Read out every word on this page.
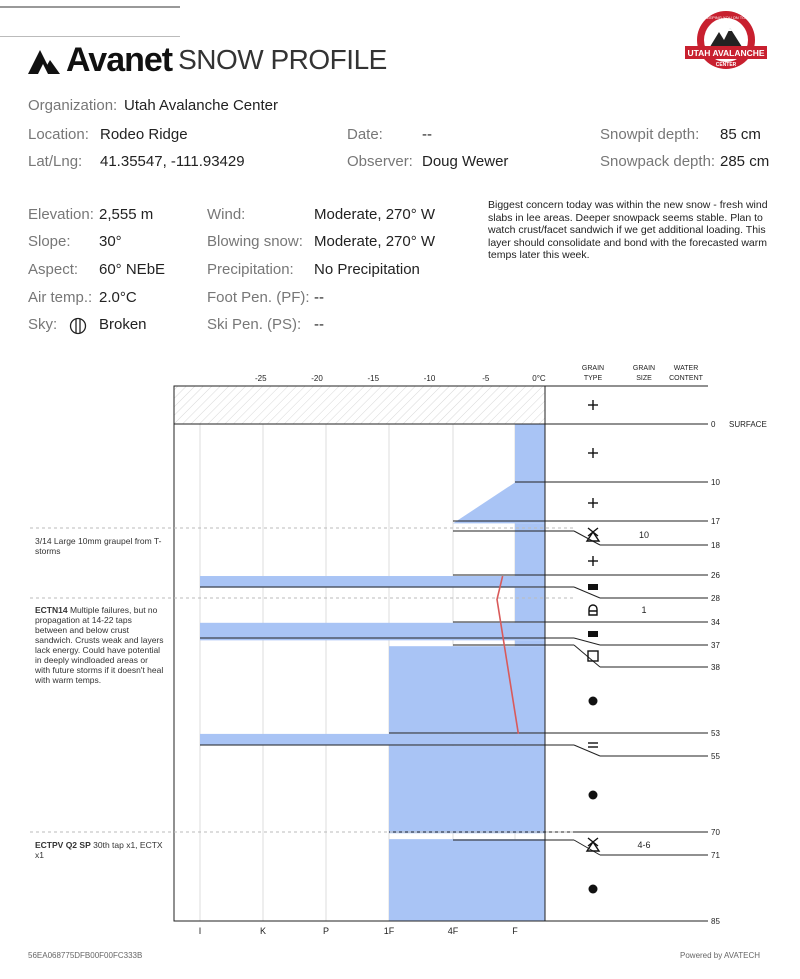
Avanet SNOW PROFILE	UTAH AVALANCHE
CENTER
KEEPING YOU ON TOP
Organization: Utah Avalanche Center
Location: Rodeo Ridge	Date:	--	Snowpit depth: 85 cm
Lat/Lng: 41.35547, -111.93429	Observer: Doug Wewer	Snowpack depth: 285 cm
Elevation: 2,555 m
Slope: 30°
Aspect: 60° NEbE
Air temp.: 2.0°C
Sky:	Broken
Wind:	Moderate, 270° W
Blowing snow: Moderate, 270° W
Precipitation: No Precipitation
Foot Pen. (PF): --
Ski Pen. (PS): --
Biggest concern today was within the new snow - fresh wind slabs in lee areas. Deeper snowpack seems stable. Plan to watch crust/facet sandwich if we get additional loading. This layer should consolidate and bond with the forecasted warm temps later this week.
3/14 Large 10mm graupel from T-storms
ECTN14 Multiple failures, but no propagation at 14-22 taps between and below crust sandwich. Crusts weak and layers lack energy. Could have potential in deeply windloaded areas or with future storms if it doesn't heal with warm temps.
ECTPV Q2 SP 30th tap x1, ECTX x1
-25	-20	-15	-10	-5	0°C
I	K	P	1F	4F	F
GRAIN
TYPE
GRAIN
SIZE
WATER
CONTENT
0
10
17
18
26
28
34
37
38
53
55
70
71
85
SURFACE
10
1
4-6
56EA068775DFB00F00FC333B	Powered by AVATECH
